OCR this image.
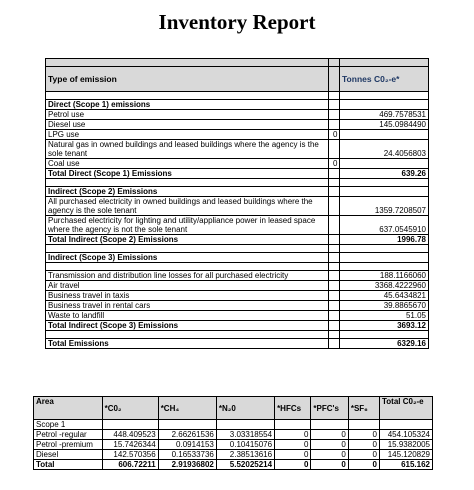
Inventory Report

Type of emission		Tonnes C0₂-e*

Direct (Scope 1) emissions		
Petrol use		469.7578531
Diesel use		145.0984490
LPG use	0	
Natural gas in owned buildings and leased buildings where the agency is the sole tenant		24.4056803
Coal use	0	
Total Direct (Scope 1) Emissions		639.26

Indirect (Scope 2) Emissions		
All purchased electricity in owned buildings and leased buildings where the agency is the sole tenant		1359.7208507
Purchased electricity for lighting and utility/appliance power in leased space where the agency is not the sole tenant		637.0545910
Total Indirect (Scope 2) Emissions		1996.78

Indirect (Scope 3) Emissions		

Transmission and distribution line losses for all purchased electricity		188.1166060
Air travel		3368.4222960
Business travel in taxis		45.6434821
Business travel in rental cars		39.8865670
Waste to landfill		51.05
Total Indirect (Scope 3) Emissions		3693.12

Total Emissions		6329.16
Area	*C0₂	*CH₄	*N₂0	*HFCs	*PFC's	*SF₆	Total C0₂-e
Scope 1							
Petrol -regular	448.409523	2.66261536	3.03318554	0	0	0	454.105324
Petrol -premium	15.7426344	0.0914153	0.10415076	0	0	0	15.9382005
Diesel	142.570356	0.16533736	2.38513616	0	0	0	145.120829
Total	606.72211	2.91936802	5.52025214	0	0	0	615.162
